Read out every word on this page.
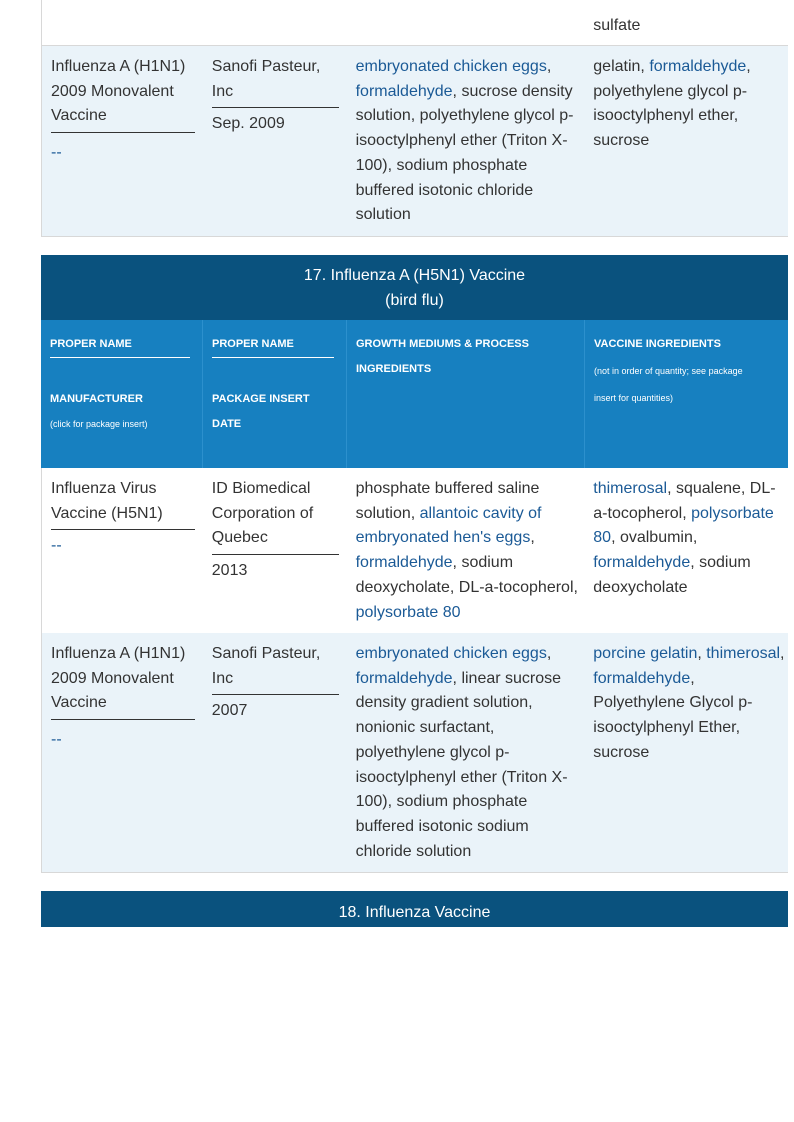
sulfate
Influenza A (H1N1) 2009 Monovalent Vaccine
--
Sanofi Pasteur, Inc
Sep. 2009
embryonated chicken eggs, formaldehyde, sucrose density solution, polyethylene glycol p-isooctylphenyl ether (Triton X-100), sodium phosphate buffered isotonic chloride solution
gelatin, formaldehyde, polyethylene glycol p-isooctylphenyl ether, sucrose
17. Influenza A (H5N1) Vaccine
(bird flu)
PROPER NAME
MANUFACTURER
(click for package insert)
PROPER NAME
PACKAGE INSERT
DATE
GROWTH MEDIUMS & PROCESS
INGREDIENTS
VACCINE INGREDIENTS
(not in order of quantity; see package
insert for quantities)
Influenza Virus Vaccine (H5N1)
--
ID Biomedical Corporation of Quebec
2013
phosphate buffered saline solution, allantoic cavity of embryonated hen's eggs, formaldehyde, sodium deoxycholate, DL-a-tocopherol, polysorbate 80
thimerosal, squalene, DL-a-tocopherol, polysorbate 80, ovalbumin, formaldehyde, sodium deoxycholate
Influenza A (H1N1) 2009 Monovalent Vaccine
--
Sanofi Pasteur, Inc
2007
embryonated chicken eggs, formaldehyde, linear sucrose density gradient solution, nonionic surfactant, polyethylene glycol p-isooctylphenyl ether (Triton X-100), sodium phosphate buffered isotonic sodium chloride solution
porcine gelatin, thimerosal, formaldehyde, Polyethylene Glycol p-isooctylphenyl Ether, sucrose
18. Influenza Vaccine
